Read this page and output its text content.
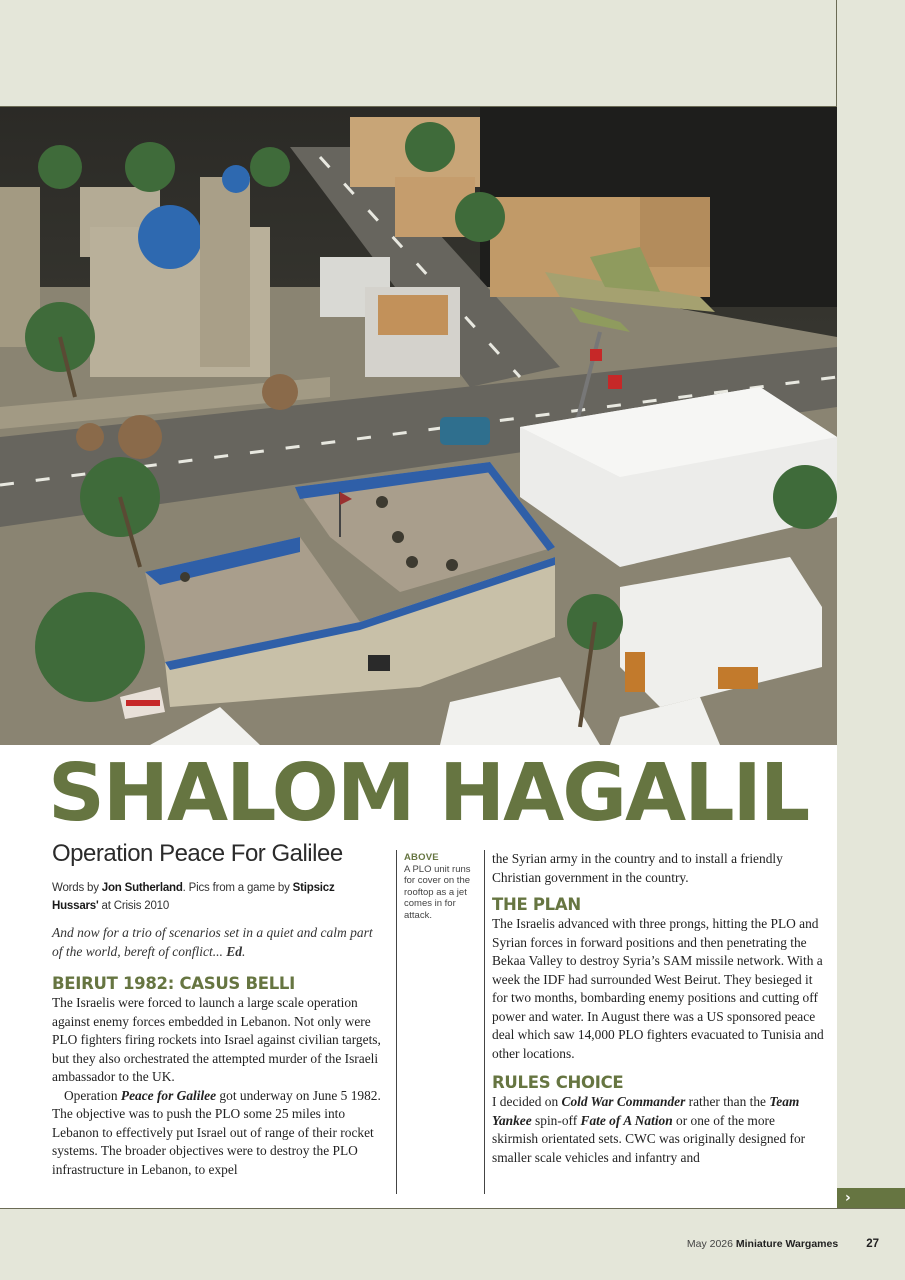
SHALOM HAGALIL
Operation Peace For Galilee
Words by Jon Sutherland. Pics from a game by Stipsicz Hussars' at Crisis 2010
And now for a trio of scenarios set in a quiet and calm part of the world, bereft of conflict... Ed.
BEIRUT 1982: CASUS BELLI

The Israelis were forced to launch a large scale operation against enemy forces embedded in Lebanon. Not only were PLO fighters firing rockets into Israel against civilian targets, but they also orchestrated the attempted murder of the Israeli ambassador to the UK.

Operation Peace for Galilee got underway on June 5 1982. The objective was to push the PLO some 25 miles into Lebanon to effectively put Israel out of range of their rocket systems. The broader objectives were to destroy the PLO infrastructure in Lebanon, to expel

ABOVE
A PLO unit runs for cover on the rooftop as a jet comes in for attack.

the Syrian army in the country and to install a friendly Christian government in the country.

THE PLAN

The Israelis advanced with three prongs, hitting the PLO and Syrian forces in forward positions and then penetrating the Bekaa Valley to destroy Syria’s SAM missile network. With a week the IDF had surrounded West Beirut. They besieged it for two months, bombarding enemy positions and cutting off power and water. In August there was a US sponsored peace deal which saw 14,000 PLO fighters evacuated to Tunisia and other locations.

RULES CHOICE

I decided on Cold War Commander rather than the Team Yankee spin-off Fate of A Nation or one of the more skirmish orientated sets. CWC was originally designed for smaller scale vehicles and infantry and

›
May 2026 Miniature Wargames 27
